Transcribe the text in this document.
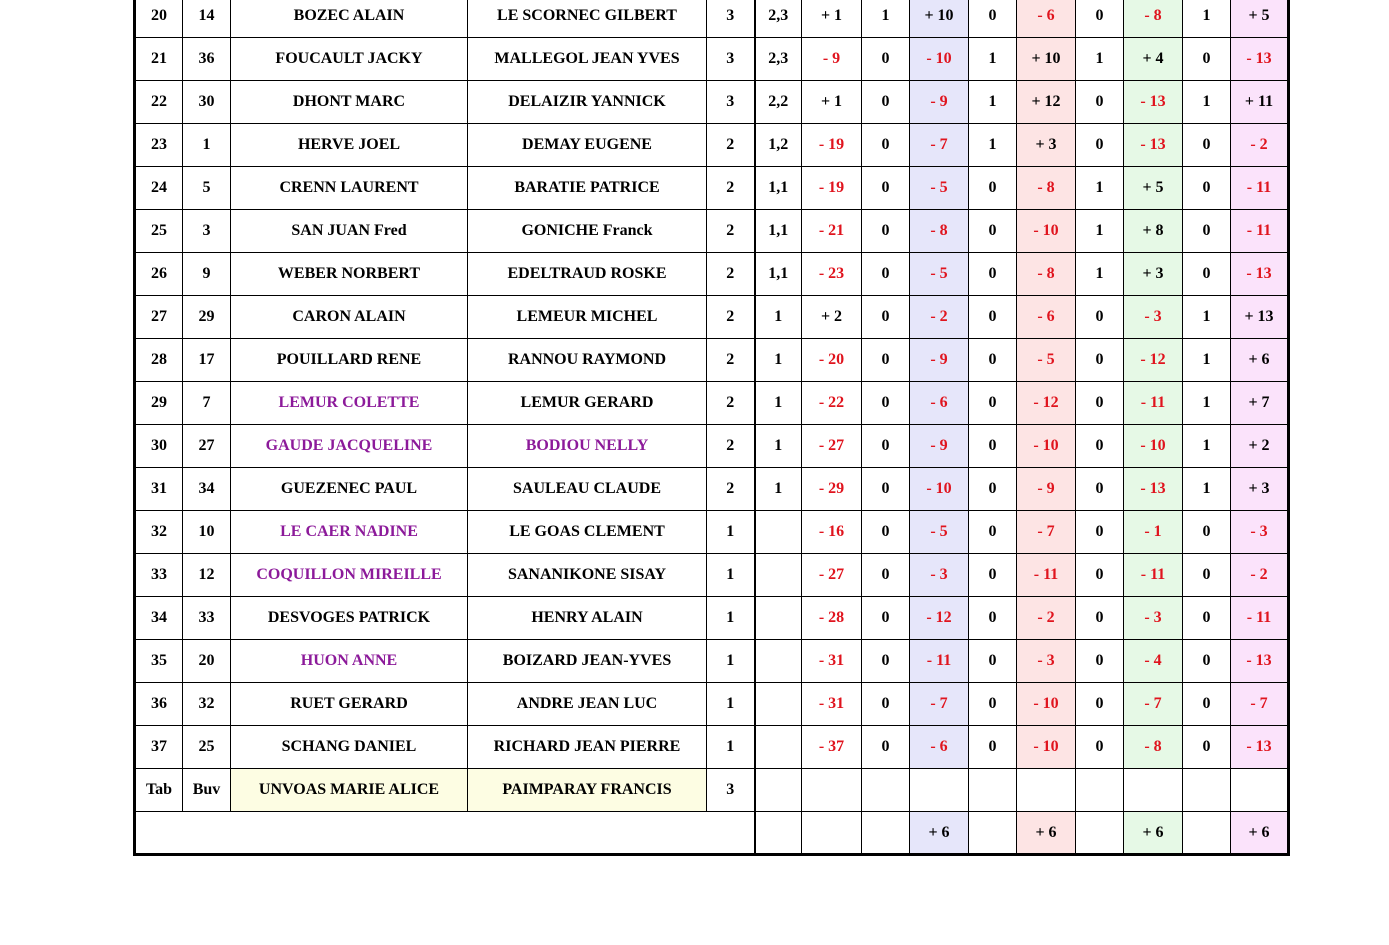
20	14	BOZEC ALAIN	LE SCORNEC GILBERT	3	2,3	+ 1	1	+ 10	0	- 6	0	- 8	1	+ 5
21	36	FOUCAULT JACKY	MALLEGOL JEAN YVES	3	2,3	- 9	0	- 10	1	+ 10	1	+ 4	0	- 13
22	30	DHONT MARC	DELAIZIR YANNICK	3	2,2	+ 1	0	- 9	1	+ 12	0	- 13	1	+ 11
23	1	HERVE JOEL	DEMAY EUGENE	2	1,2	- 19	0	- 7	1	+ 3	0	- 13	0	- 2
24	5	CRENN LAURENT	BARATIE PATRICE	2	1,1	- 19	0	- 5	0	- 8	1	+ 5	0	- 11
25	3	SAN JUAN Fred	GONICHE Franck	2	1,1	- 21	0	- 8	0	- 10	1	+ 8	0	- 11
26	9	WEBER NORBERT	EDELTRAUD ROSKE	2	1,1	- 23	0	- 5	0	- 8	1	+ 3	0	- 13
27	29	CARON ALAIN	LEMEUR MICHEL	2	1	+ 2	0	- 2	0	- 6	0	- 3	1	+ 13
28	17	POUILLARD RENE	RANNOU RAYMOND	2	1	- 20	0	- 9	0	- 5	0	- 12	1	+ 6
29	7	LEMUR COLETTE	LEMUR GERARD	2	1	- 22	0	- 6	0	- 12	0	- 11	1	+ 7
30	27	GAUDE JACQUELINE	BODIOU NELLY	2	1	- 27	0	- 9	0	- 10	0	- 10	1	+ 2
31	34	GUEZENEC PAUL	SAULEAU CLAUDE	2	1	- 29	0	- 10	0	- 9	0	- 13	1	+ 3
32	10	LE CAER NADINE	LE GOAS CLEMENT	1		- 16	0	- 5	0	- 7	0	- 1	0	- 3
33	12	COQUILLON MIREILLE	SANANIKONE SISAY	1		- 27	0	- 3	0	- 11	0	- 11	0	- 2
34	33	DESVOGES PATRICK	HENRY ALAIN	1		- 28	0	- 12	0	- 2	0	- 3	0	- 11
35	20	HUON ANNE	BOIZARD JEAN-YVES	1		- 31	0	- 11	0	- 3	0	- 4	0	- 13
36	32	RUET GERARD	ANDRE JEAN LUC	1		- 31	0	- 7	0	- 10	0	- 7	0	- 7
37	25	SCHANG DANIEL	RICHARD JEAN PIERRE	1		- 37	0	- 6	0	- 10	0	- 8	0	- 13
Tab	Buv	UNVOAS MARIE ALICE	PAIMPARAY FRANCIS	3										
								+ 6		+ 6		+ 6		+ 6
